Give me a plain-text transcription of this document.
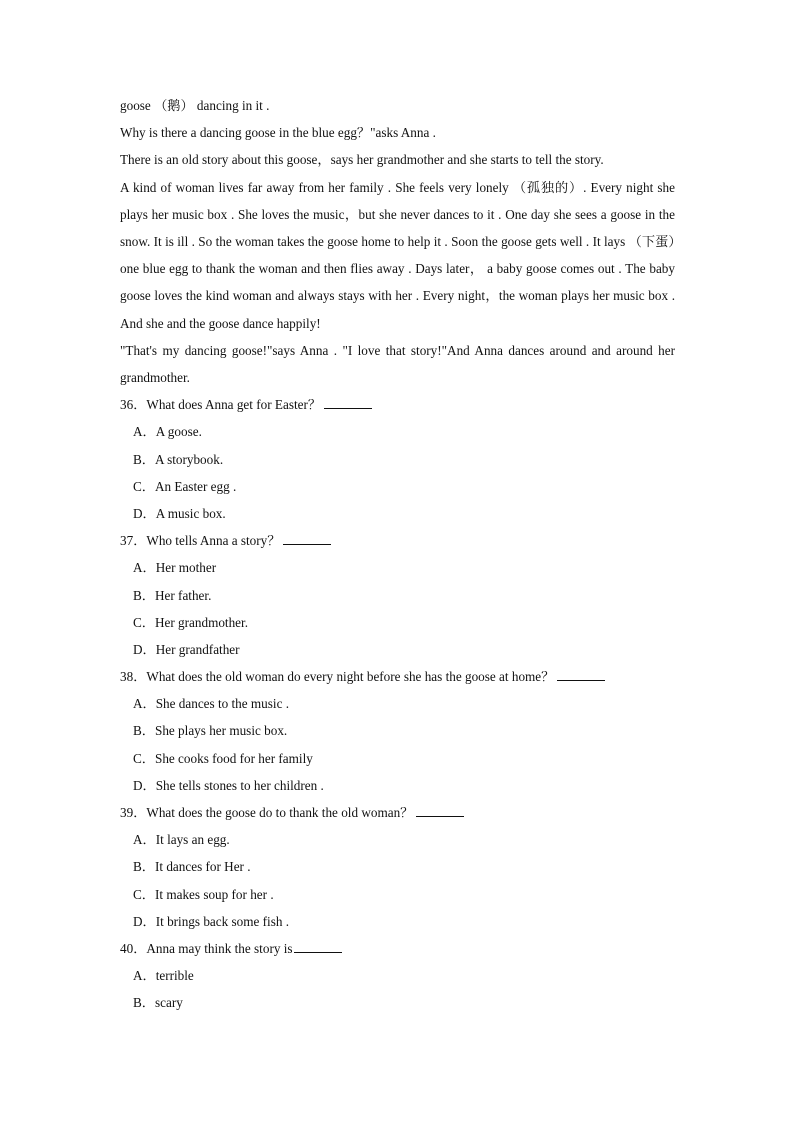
goose （鹅） dancing in it .
Why is there a dancing goose in the blue egg？"asks Anna .
There is an old story about this goose，says her grandmother and she starts to tell the story.
A kind of woman lives far away from her family . She feels very lonely （孤独的）. Every night she plays her music box . She loves the music，but she never dances to it . One day she sees a goose in the snow. It is ill . So the woman takes the goose home to help it . Soon the goose gets well . It lays （下蛋）one blue egg to thank the woman and then flies away . Days later， a baby goose comes out . The baby goose loves the kind woman and always stays with her . Every night，the woman plays her music box . And she and the goose dance happily!
"That's my dancing goose!"says Anna . "I love that story!"And Anna dances around and around her grandmother.
36．What does Anna get for Easter？
A．A goose.
B．A storybook.
C．An Easter egg .
D．A music box.
37．Who tells Anna a story？
A．Her mother
B．Her father.
C．Her grandmother.
D．Her grandfather
38．What does the old woman do every night before she has the goose at home？
A．She dances to the music .
B．She plays her music box.
C．She cooks food for her family
D．She tells stones to her children .
39．What does the goose do to thank the old woman？
A．It lays an egg.
B．It dances for Her .
C．It makes soup for her .
D．It brings back some fish .
40．Anna may think the story is
A．terrible
B．scary
